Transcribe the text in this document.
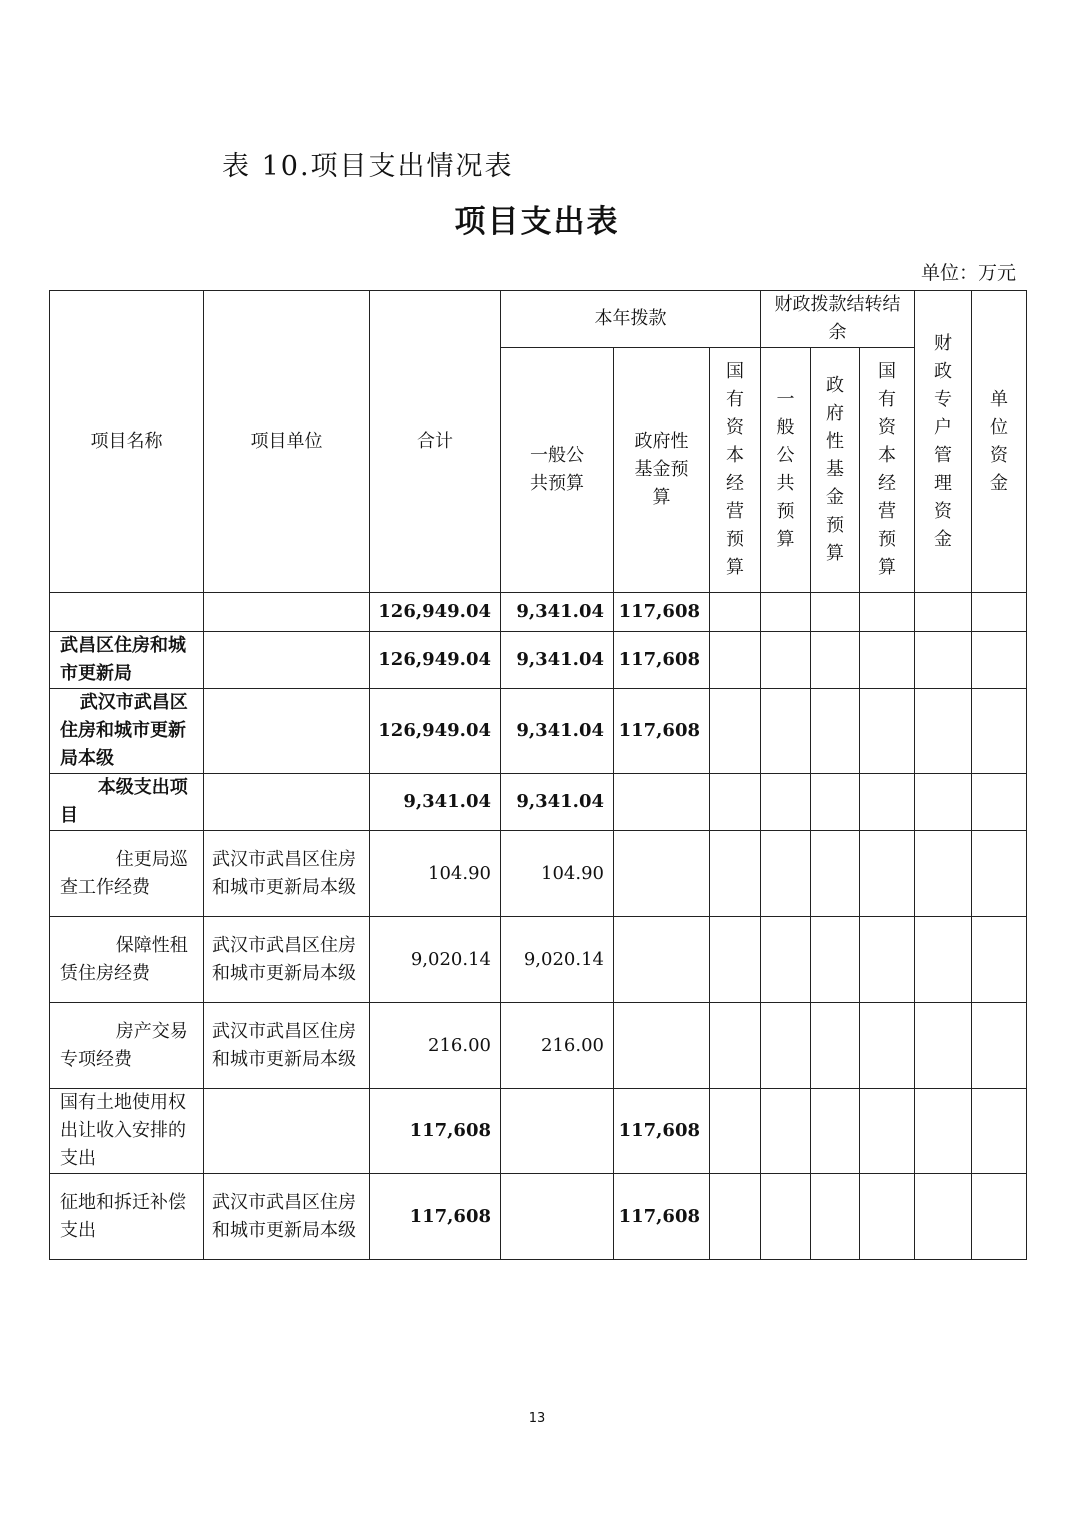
表 10.项目支出情况表
项目支出表
单位：万元
项目名称	项目单位	合计	本年拨款			财政拨款结转结余			财政专户管理资金	单位资金
			一般公共预算	政府性基金预算	国有资本经营预算	一般公共预算	政府性基金预算	国有资本经营预算		
		126,949.04	9,341.04	117,608						
武昌区住房和城市更新局		126,949.04	9,341.04	117,608						
武汉市武昌区住房和城市更新局本级		126,949.04	9,341.04	117,608						
本级支出项目		9,341.04	9,341.04							
住更局巡查工作经费	武汉市武昌区住房和城市更新局本级	104.90	104.90							
保障性租赁住房经费	武汉市武昌区住房和城市更新局本级	9,020.14	9,020.14							
房产交易专项经费	武汉市武昌区住房和城市更新局本级	216.00	216.00							
国有土地使用权出让收入安排的支出		117,608		117,608						
征地和拆迁补偿支出	武汉市武昌区住房和城市更新局本级	117,608		117,608						
13
